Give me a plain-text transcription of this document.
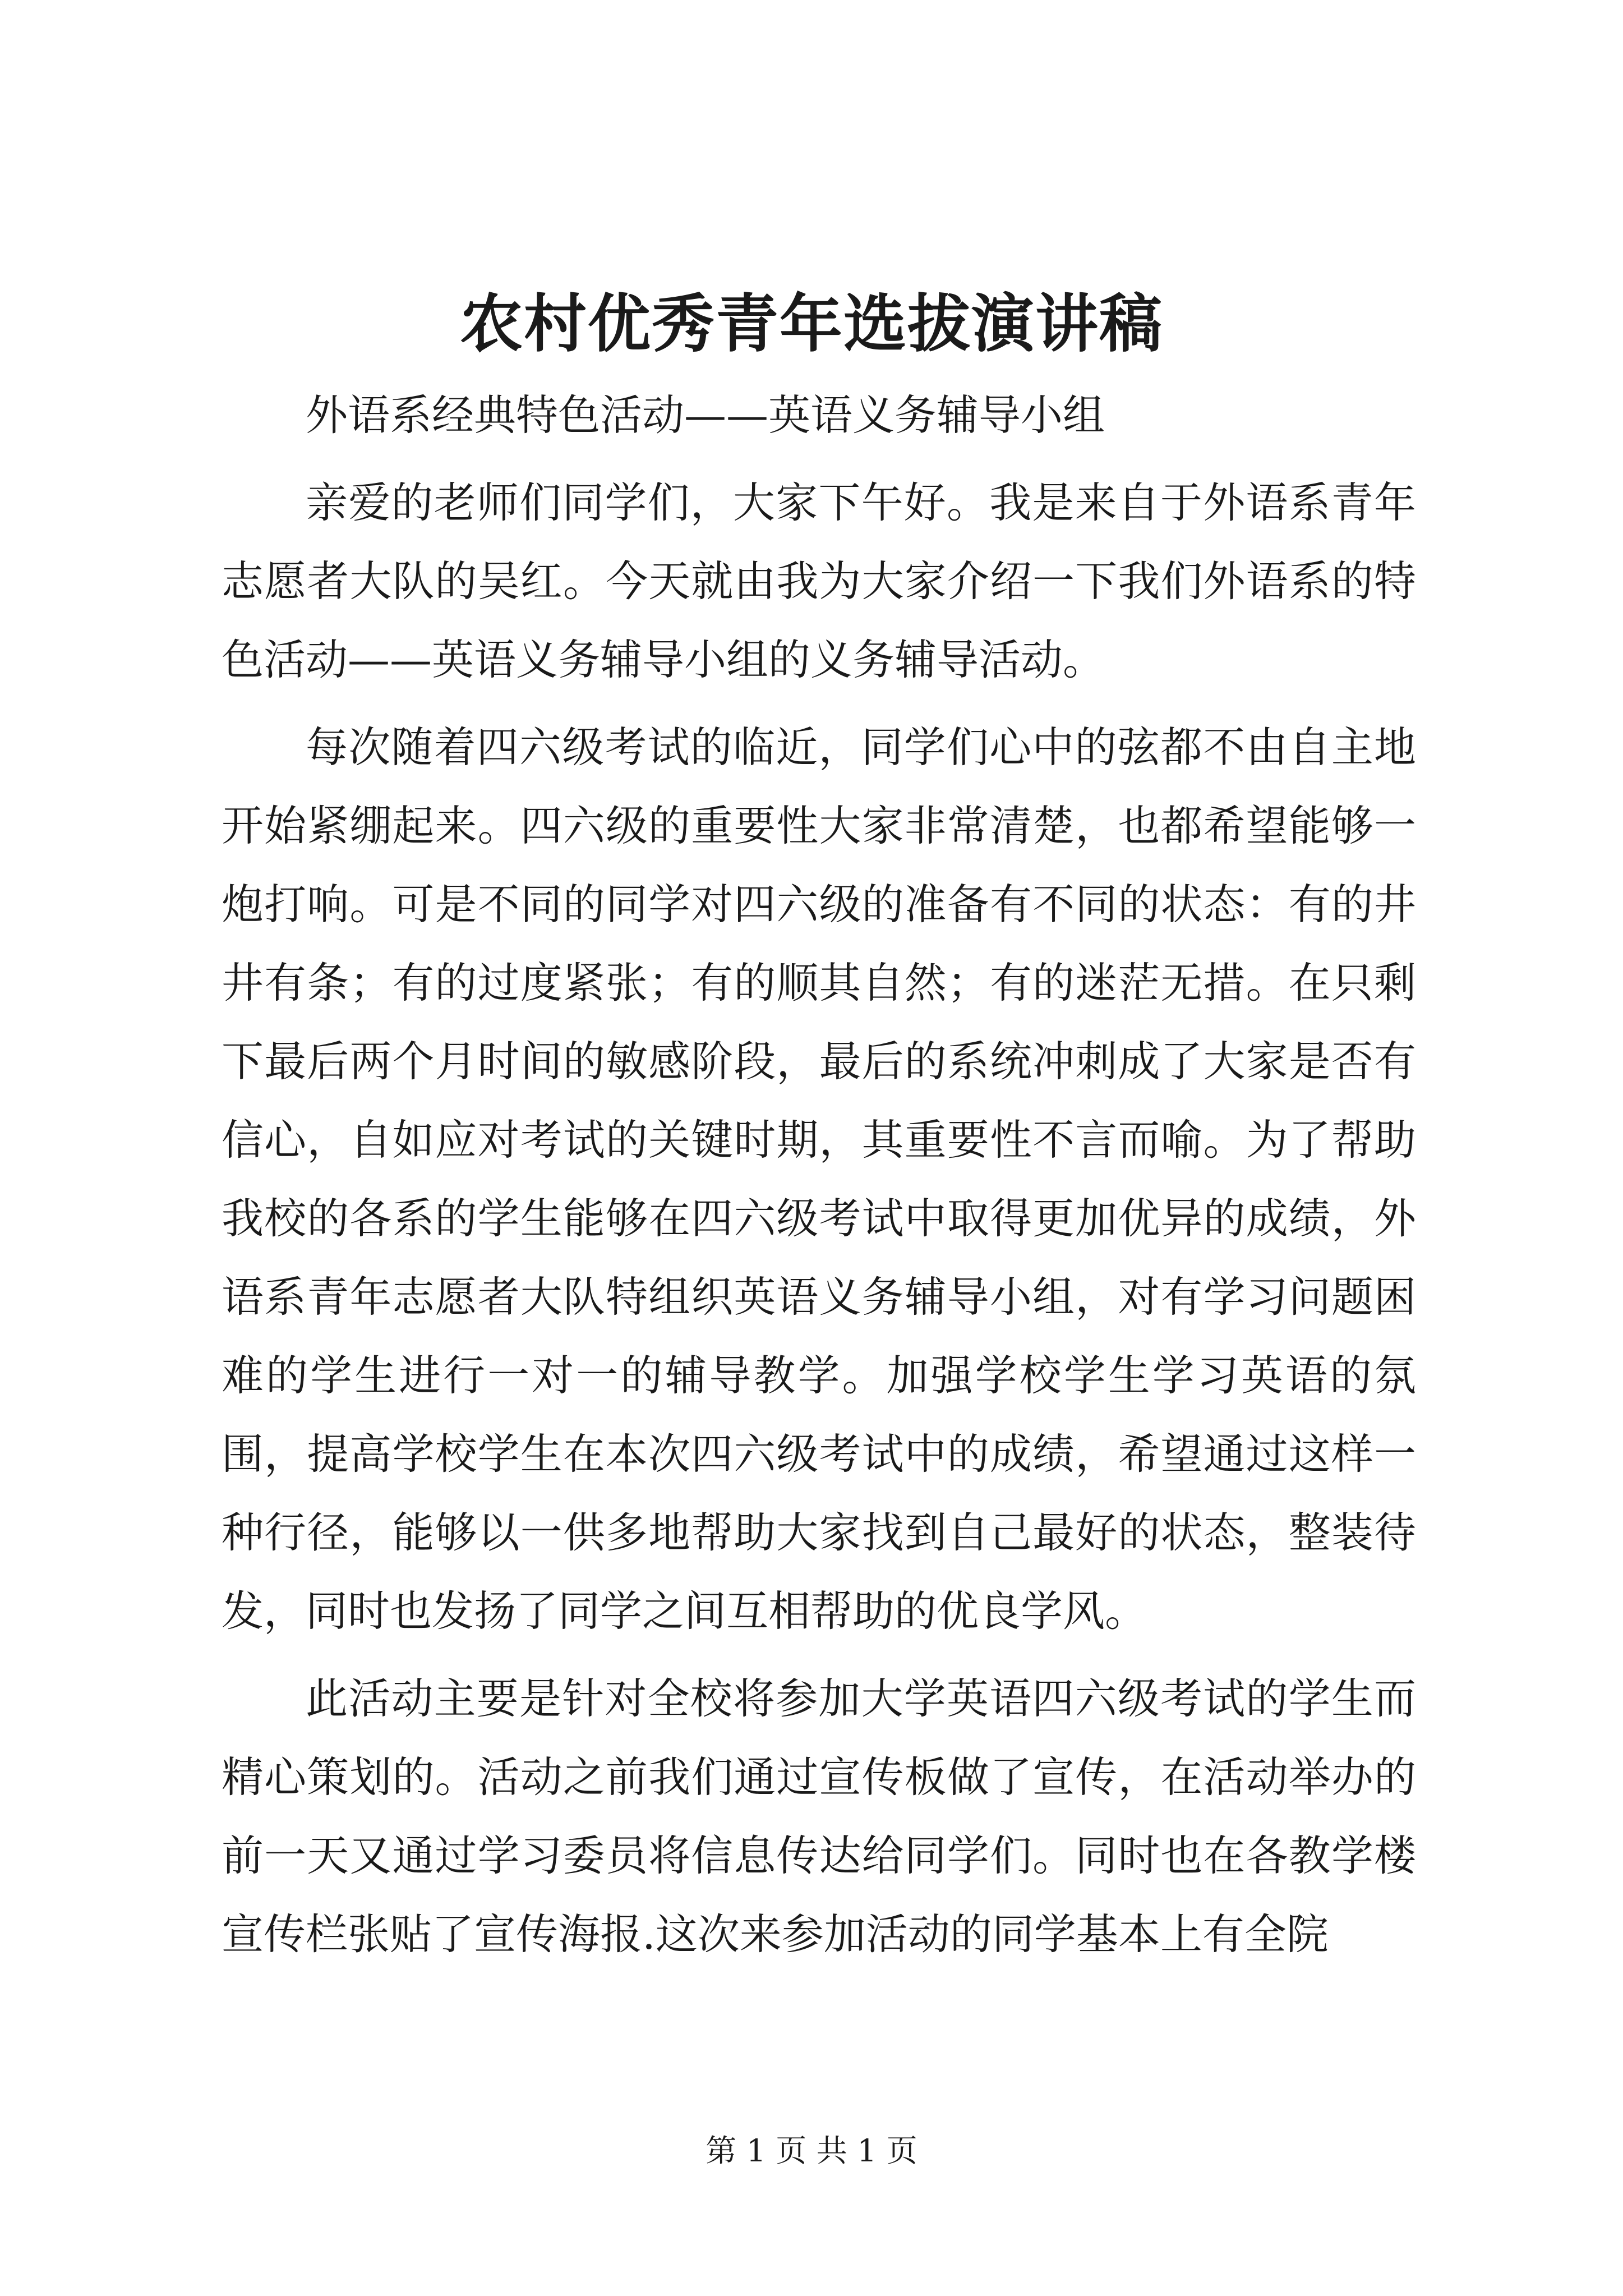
农村优秀青年选拔演讲稿

外语系经典特色活动——英语义务辅导小组

亲爱的老师们同学们，大家下午好。我是来自于外语系青年志愿者大队的吴红。今天就由我为大家介绍一下我们外语系的特色活动——英语义务辅导小组的义务辅导活动。

每次随着四六级考试的临近，同学们心中的弦都不由自主地开始紧绷起来。四六级的重要性大家非常清楚，也都希望能够一炮打响。可是不同的同学对四六级的准备有不同的状态：有的井井有条；有的过度紧张；有的顺其自然；有的迷茫无措。在只剩下最后两个月时间的敏感阶段，最后的系统冲刺成了大家是否有信心，自如应对考试的关键时期，其重要性不言而喻。为了帮助我校的各系的学生能够在四六级考试中取得更加优异的成绩，外语系青年志愿者大队特组织英语义务辅导小组，对有学习问题困难的学生进行一对一的辅导教学。加强学校学生学习英语的氛围，提高学校学生在本次四六级考试中的成绩，希望通过这样一种行径，能够以一供多地帮助大家找到自己最好的状态，整装待发，同时也发扬了同学之间互相帮助的优良学风。

此活动主要是针对全校将参加大学英语四六级考试的学生而精心策划的。活动之前我们通过宣传板做了宣传，在活动举办的前一天又通过学习委员将信息传达给同学们。同时也在各教学楼宣传栏张贴了宣传海报.这次来参加活动的同学基本上有全院

第 1 页 共 1 页
